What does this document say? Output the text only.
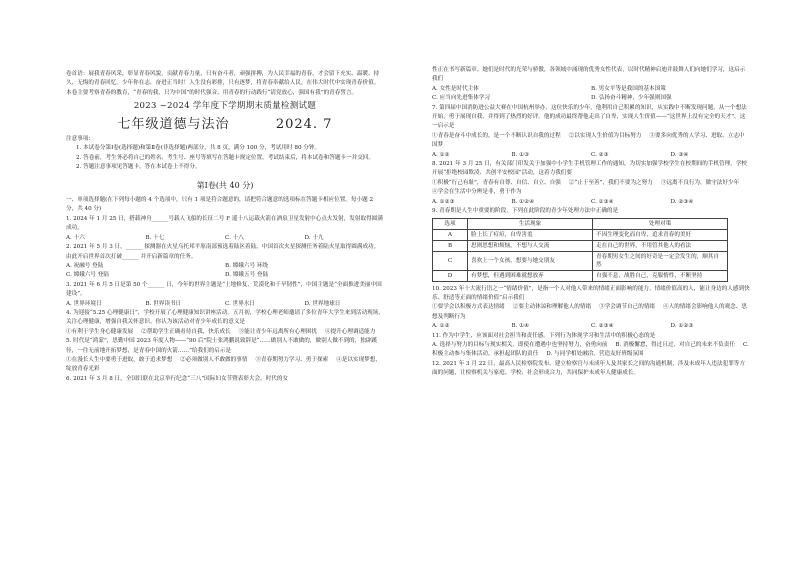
卷首语：展我青春风采，彰显青春风貌，贡献青春力量，只有奋斗者，顽强拼搏，为人民幸福的青春，才会留下充实、温暖、持久、无悔的青春回忆。少年你在志，奋进正当时！人生没有彩排，只有逐梦，将青春奉献给人民，在伟大时代中实现青春价值。本卷主要考察青春的教育，“青春的我，只为中国”的时代强音，用青春的行动践行“请党放心，强国有我”的青春誓言。

2023 ~2024 学年度下学期期末质量检测试题
七年级道德与法治	2024. 7

注意事项:

1. 本试卷分第Ⅰ卷(选择题)和第Ⅱ卷(非选择题)两部分，共 8 页，满分 100 分，考试用时 80 分钟。

2. 答卷前，考生务必将自己的姓名、考生号、座号等填写在答题卡规定位置。考试结束后，将本试卷和答题卡一并交回。

2. 答题注意事项见答题卡，答在本试卷上不得分。

第Ⅰ卷(共 40 分)

一、单项选择题(在下列每小题的 4 个选项中，只有 1 项是符合题意的，请把符合题意的选项标在答题卡相应位置。每小题 2 分，共 40 分)

1. 2024 年 1 月 25 日，搭载神舟______号载人飞船的长征二号 F 遥十八运载火箭在酒泉卫星发射中心点火发射，发射取得圆满成功。

A. 十六	B. 十七	C. 十八	D. 十九

2. 2021 年 5 月 3 日，______ 探测器在火星乌托邦平原南部预选着陆区着陆，中国首次火星探测任务着陆火星取得圆满成功。由此开启世界首次打破______ 并开启新篇章的任务。

A. 祝融号 登陆	B. 嫦娥六号 环绕
C. 嫦娥六号 登陆	D. 嫦娥五号 登陆

3. 2021 年 6 月 5 日是第 50 个______ 日，今年的世界主题是“土地修复、荒漠化和干旱韧性”，中国主题是“全面推进美丽中国建设”。

A. 世界环境日	B. 世界读书日	C. 世界水日	D. 世界地球日

4. 为迎接“5.25 心理健康日”，学校开展了心理健康知识讲座活动。五月初，学校心理老师邀请了多位青年大学生来到活动现场，关注心理健康，增强自我关怀意识。你认为该活动对青少年成长的意义是

①有利于学生身心健康发展 ②帮助学生正确看待自我，快乐成长 ③能让青少年远离所有心理困扰 ④提升心理调适能力

5. 时代是“鸿蒙”，思勤中国 2023 年度人物——“90 后”院士张鸿鹏说致辞是“……做别人不敢做的，做别人做不到的，独辟蹊径，一往无前地开拓梦想，是青春中国的火箭……”给我们的启示是

①在漫长人生中要勇于进取，敢于追求梦想 ②必须做别人不敢做的事情 ③青春期努力学习、勇于探索 ④是以实现梦想，绽放青春光彩

6. 2021 年 3 月 8 日，全国妇联在北京举行纪念“三八”国际妇女节暨表彰大会，时代的女

性正在书写新篇章。她们是时代的光荣与骄傲，各领域中涌现的优秀女性代表，以时代精神启迪并鼓舞人们向她们学习，这启示我们

A. 女性是时代主体	B. 男女平等是我国的基本国策
C. 应当向先进集体学习	D. 弘扬奋斗精神，少年强则国强

7. 第四届中国消防进公益大赛在中国杭州举办，这位快乐的少年，他利用自己积累的知识，从实践中不断发现问题，从一个想法开始，勇于展现自我，并得到了热烈的好评。他的成功最终帮他走出了自卑，实现人生价值——“这世界上没有完全的天才”。这一启示是

①青春是奋斗中成长的，是一个不断认识自我的过程 ②以实现人生价值为目标努力 ③要多向优秀的人学习、进取、立志中国梦
A. ①②	B. ①③	C. ②③	D. ③④

8. 2021 年 3 月 25 日，有关部门印发关于加强中小学生手机管理工作的通知，为切实加强学校学生在校期间的手机管理，学校开展“拒绝校园欺凌、共创平安校园”活动，这着力我们要

①积极“行己有耻”，青春有自尊、自信、自立、自强 ②“止于至善”，我们不要为之努力 ③远离不良行为，做守法好少年④学会在生活中分辨是非，勇于作为
A. ①②③	B. ①②④	C. ①③④	D. ②③④

9. 青春期是人生中重要的阶段，下列在此阶段的青少年处理方法中正确的是

选项	生活现象	处理对策
A	脸上长了痘痘，自卑害羞	不因生理变化而自卑，追求青春的美好
B	思则思想和烦恼，不想与人交流	走在自己的世界，不用管其他人的看法
C	喜欢上一个女孩，想要与她交朋友	青春期男女生之间的好奇是一定会发生的，顺其自然
D	有梦想，但遇到困难就想放弃	自强不息，战胜自己，克服惰性，不断坚持

10. 2023 年十大流行语之一“情绪价值”，是指一个人对他人带来的情绪正面影响的能力。情绪价值高的人，能让身边的人感到快乐、舒适等正面的情绪价值”启示我们

①要学会以积极方式表达情绪 ②要主动体谅和理解他人的情绪 ③学会调节自己的情绪 ④人的情绪会影响他人的观念、思想及判断行为
A. ①②	B. ①④	C. ②③④	D. ①②③

11. 作为中学生，应该面对社会担当和责任感。下列行为体现学习和生活中的积极心态的是

A. 选择与努力的目标与现实相关，即使在遭遇中也坚持努力，奋勇向前 B. 消极懈怠，得过且过，对自己的未来不负责任 C. 积极主动参与集体活动，承担起团队的责任 D. 与同学相处融洽，营造友好班级氛围

12. 2021 年 3 月 22 日，最高人民检察院发布，建立检察官与未成年人及其家长之间的沟通机制，涉及未成年人违法犯罪等方面的问题，让检察机关与家庭、学校、社会形成合力，共同保护未成年人健康成长。
